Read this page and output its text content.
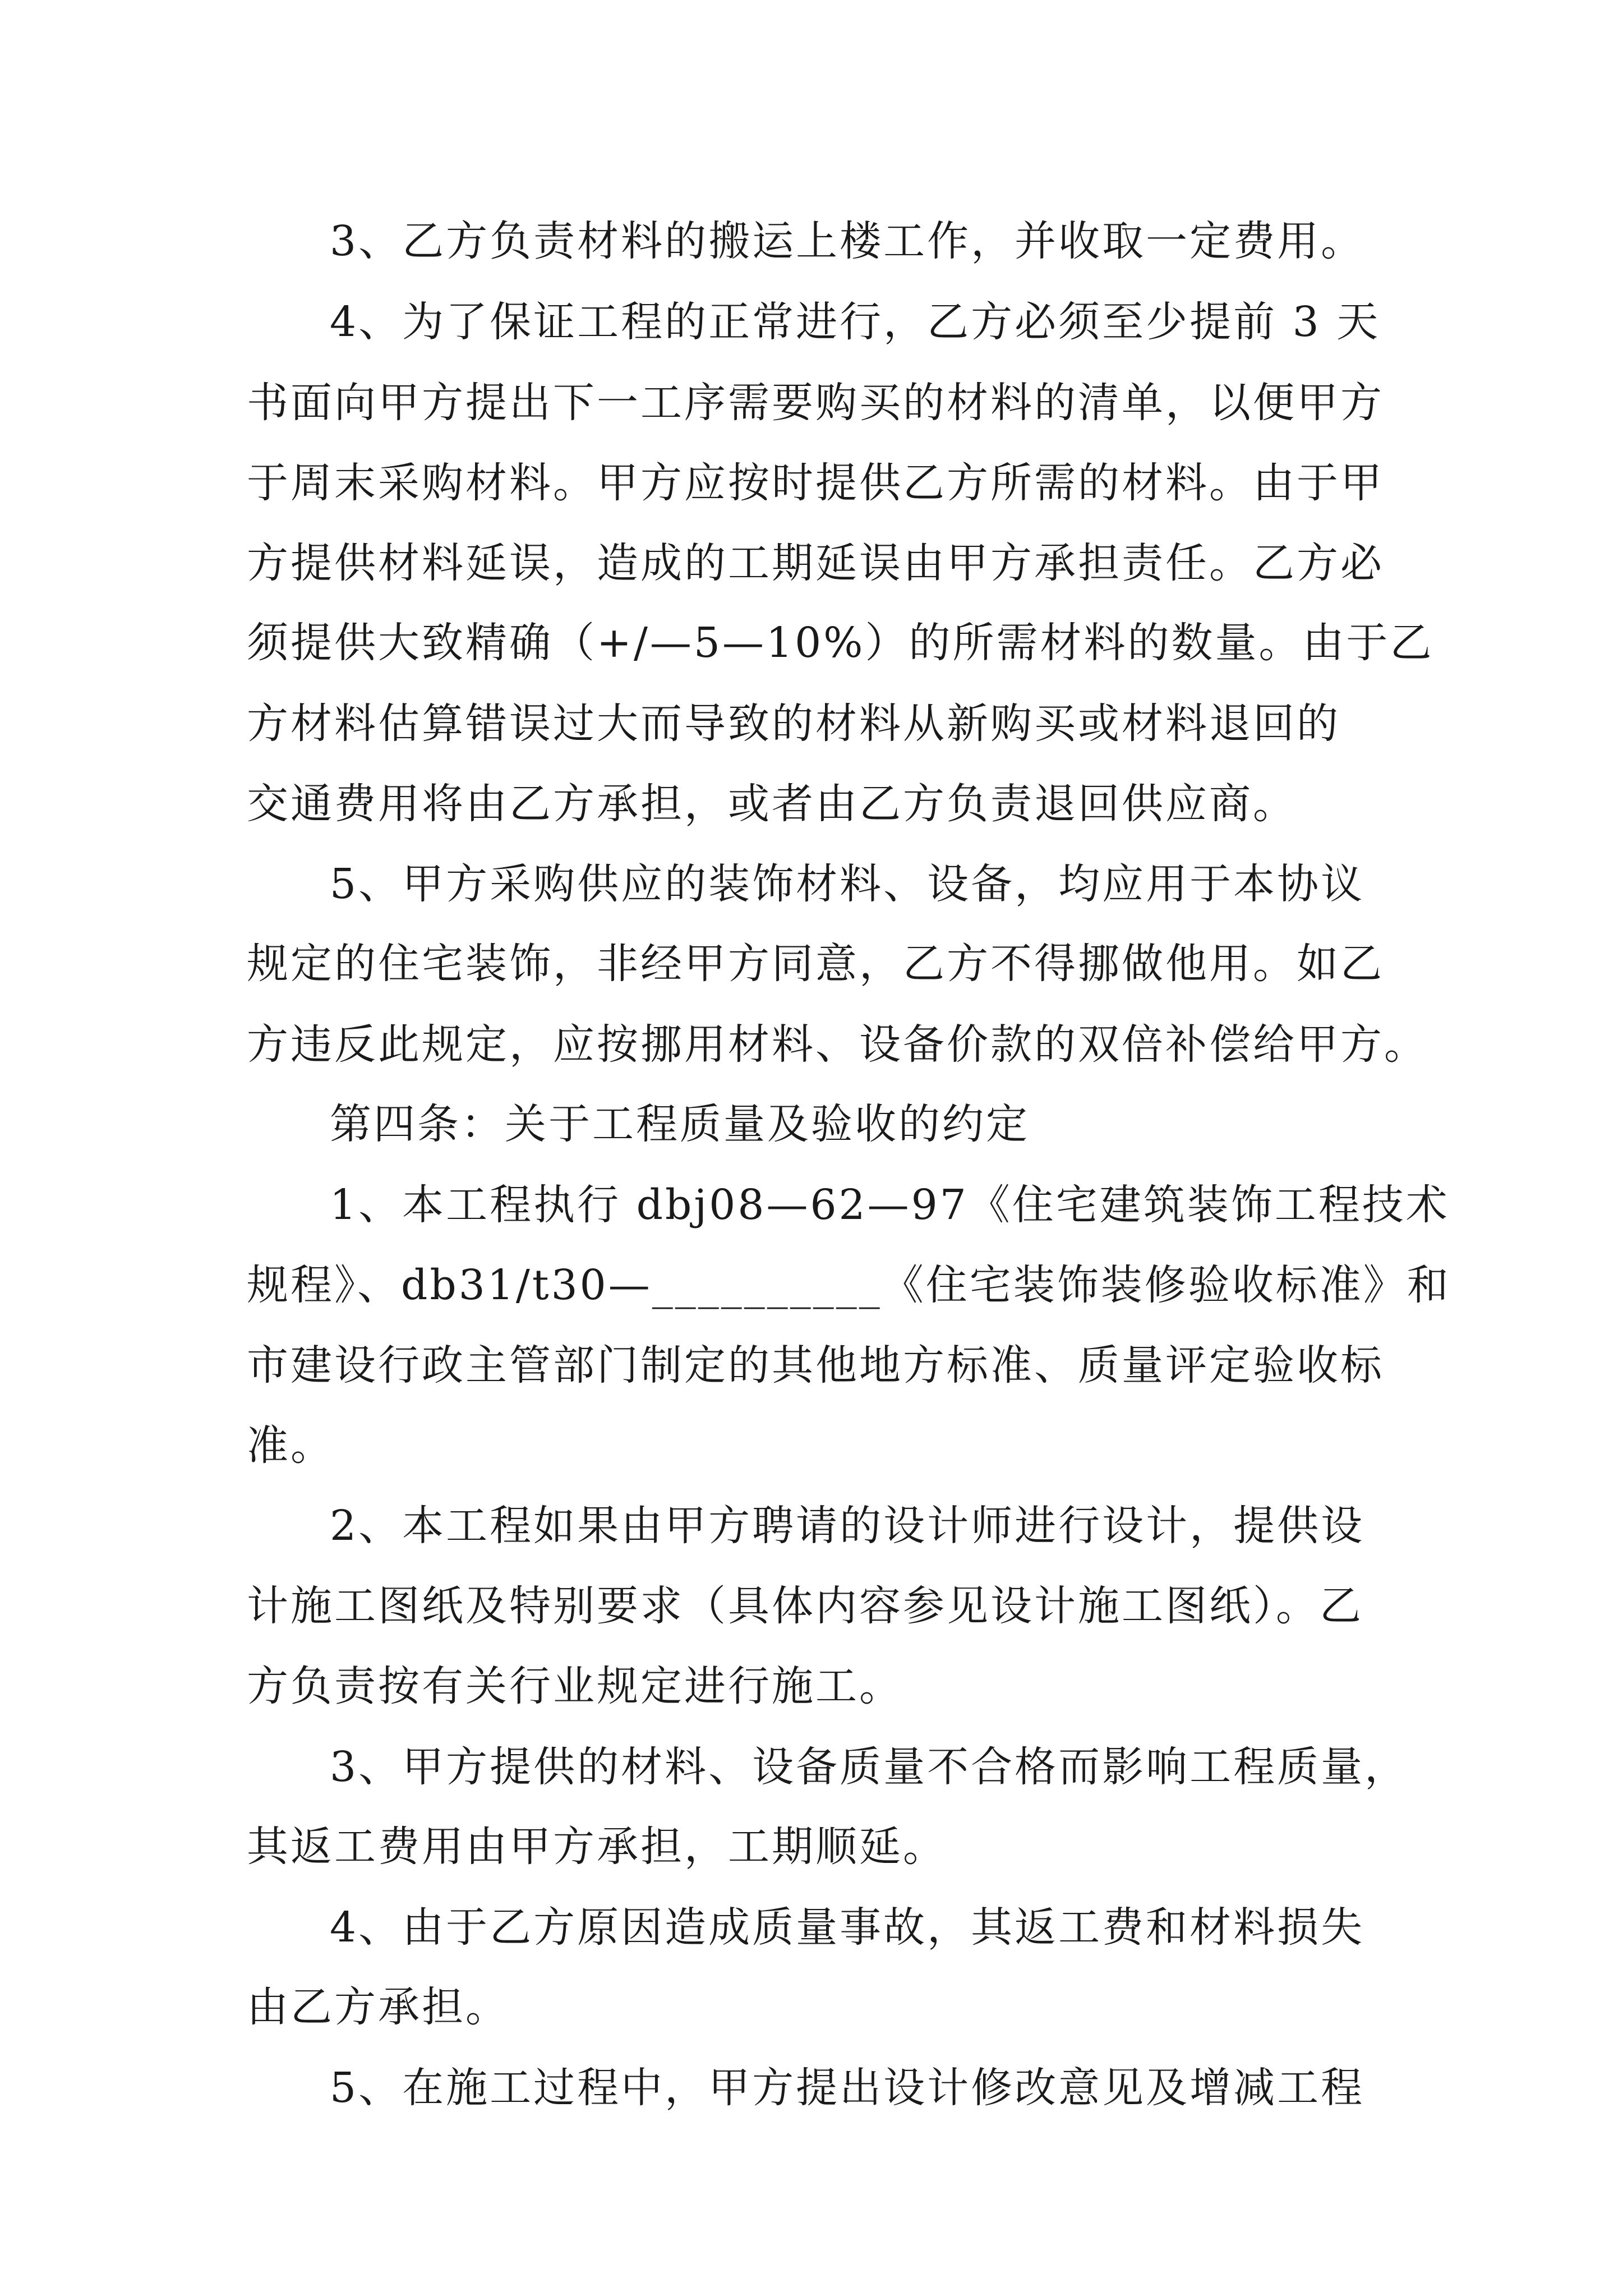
3、乙方负责材料的搬运上楼工作，并收取一定费用。
4、为了保证工程的正常进行，乙方必须至少提前 3 天
书面向甲方提出下一工序需要购买的材料的清单，以便甲方
于周末采购材料。甲方应按时提供乙方所需的材料。由于甲
方提供材料延误，造成的工期延误由甲方承担责任。乙方必
须提供大致精确（+/—5—10%）的所需材料的数量。由于乙
方材料估算错误过大而导致的材料从新购买或材料退回的
交通费用将由乙方承担，或者由乙方负责退回供应商。
5、甲方采购供应的装饰材料、设备，均应用于本协议
规定的住宅装饰，非经甲方同意，乙方不得挪做他用。如乙
方违反此规定，应按挪用材料、设备价款的双倍补偿给甲方。
第四条：关于工程质量及验收的约定
1、本工程执行 dbj08—62—97《住宅建筑装饰工程技术
规程》、db31/t30—__________《住宅装饰装修验收标准》和
市建设行政主管部门制定的其他地方标准、质量评定验收标
准。
2、本工程如果由甲方聘请的设计师进行设计，提供设
计施工图纸及特别要求（具体内容参见设计施工图纸）。乙
方负责按有关行业规定进行施工。
3、甲方提供的材料、设备质量不合格而影响工程质量，
其返工费用由甲方承担，工期顺延。
4、由于乙方原因造成质量事故，其返工费和材料损失
由乙方承担。
5、在施工过程中，甲方提出设计修改意见及增减工程
